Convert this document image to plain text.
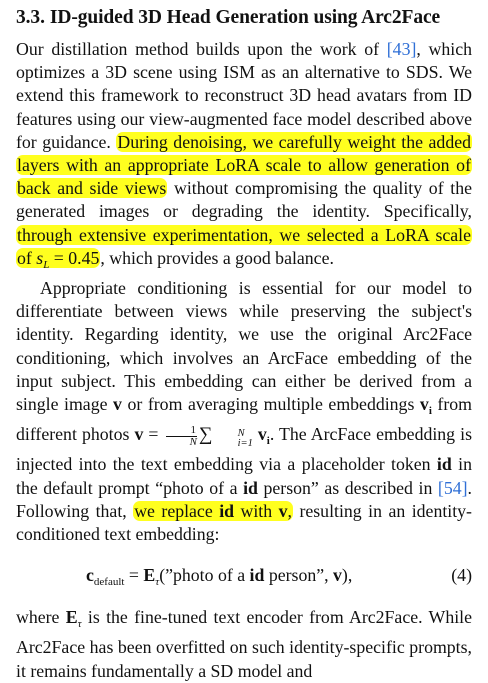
3.3. ID-guided 3D Head Generation using Arc2Face

Our distillation method builds upon the work of [43], which optimizes a 3D scene using ISM as an alternative to SDS. We extend this framework to reconstruct 3D head avatars from ID features using our view-augmented face model described above for guidance. During denoising, we carefully weight the added layers with an appropriate LoRA scale to allow generation of back and side views without compromising the quality of the generated images or degrading the identity. Specifically, through extensive experimentation, we selected a LoRA scale of $s_L = 0.45$, which provides a good balance.

Appropriate conditioning is essential for our model to differentiate between views while preserving the subject's identity. Regarding identity, we use the original Arc2Face conditioning, which involves an ArcFace embedding of the input subject. This embedding can either be derived from a single image v or from averaging multiple embeddings $v_i$ from different photos $v = \frac{1}{N}$ ∑	N
i=1 $v_i$. The ArcFace embedding is injected into the text embedding via a placeholder token id in the default prompt “photo of a id person” as described in [54]. Following that, we replace id with v, resulting in an identity-conditioned text embedding:

$c_{default}$ = $E_\tau(”photo$ of a id person”, v),	(4)

where $E_\tau$ is the fine-tuned text encoder from Arc2Face. While Arc2Face has been overfitted on such identity-specific prompts, it remains fundamentally a SD model and
